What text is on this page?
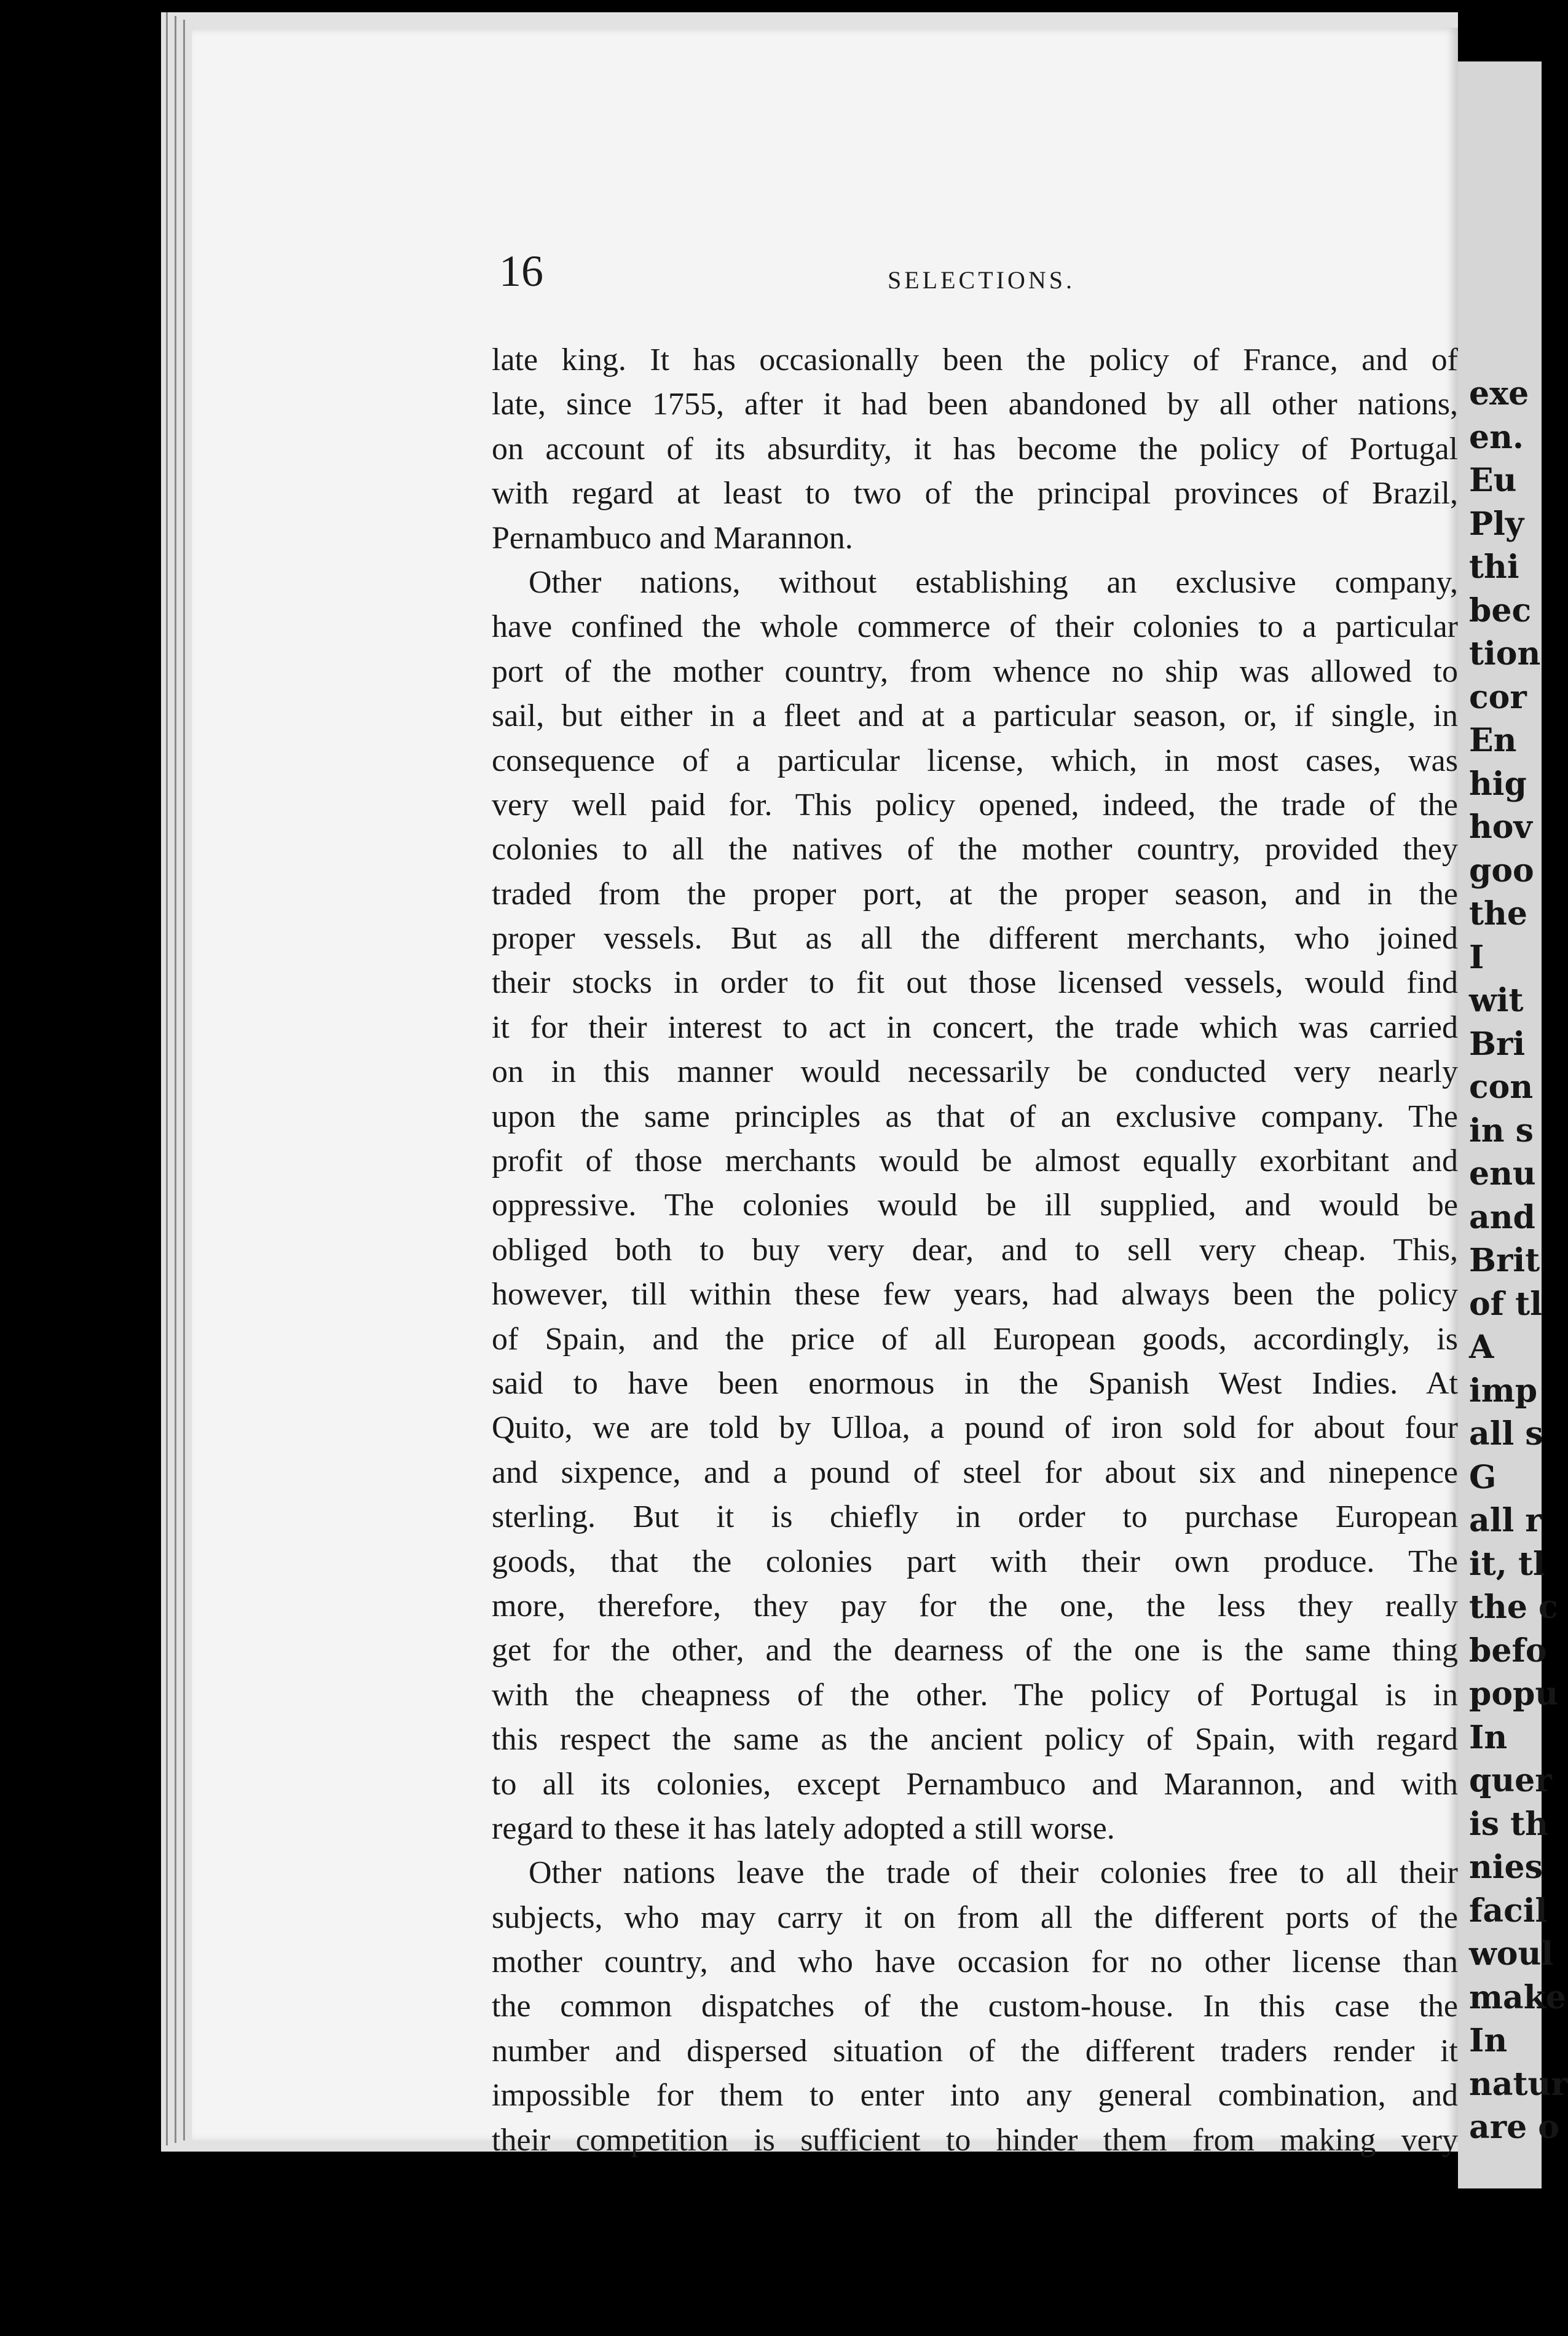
exe
en.
Eu
Ply
thi
bec
tion
cor
En
hig
hov
goo
the
I
wit
Bri
con
in s
enu
and
Brit
of tl
A
imp
all s
G
all r
it, tl
the c
befo
popu
In
quer
is th
nies
facil
woul
make
In
natur
are o
16	SELECTIONS.
late king. It has occasionally been the policy of France, and of
late, since 1755, after it had been abandoned by all other nations,
on account of its absurdity, it has become the policy of Portugal
with regard at least to two of the principal provinces of Brazil,
Pernambuco and Marannon.
Other nations, without establishing an exclusive company,
have confined the whole commerce of their colonies to a particular
port of the mother country, from whence no ship was allowed to
sail, but either in a fleet and at a particular season, or, if single, in
consequence of a particular license, which, in most cases, was
very well paid for. This policy opened, indeed, the trade of the
colonies to all the natives of the mother country, provided they
traded from the proper port, at the proper season, and in the
proper vessels. But as all the different merchants, who joined
their stocks in order to fit out those licensed vessels, would find
it for their interest to act in concert, the trade which was carried
on in this manner would necessarily be conducted very nearly
upon the same principles as that of an exclusive company. The
profit of those merchants would be almost equally exorbitant and
oppressive. The colonies would be ill supplied, and would be
obliged both to buy very dear, and to sell very cheap. This,
however, till within these few years, had always been the policy
of Spain, and the price of all European goods, accordingly, is
said to have been enormous in the Spanish West Indies. At
Quito, we are told by Ulloa, a pound of iron sold for about four
and sixpence, and a pound of steel for about six and ninepence
sterling. But it is chiefly in order to purchase European
goods, that the colonies part with their own produce. The
more, therefore, they pay for the one, the less they really
get for the other, and the dearness of the one is the same thing
with the cheapness of the other. The policy of Portugal is in
this respect the same as the ancient policy of Spain, with regard
to all its colonies, except Pernambuco and Marannon, and with
regard to these it has lately adopted a still worse.
Other nations leave the trade of their colonies free to all their
subjects, who may carry it on from all the different ports of the
mother country, and who have occasion for no other license than
the common dispatches of the custom-house. In this case the
number and dispersed situation of the different traders render it
impossible for them to enter into any general combination, and
their competition is sufficient to hinder them from making very
